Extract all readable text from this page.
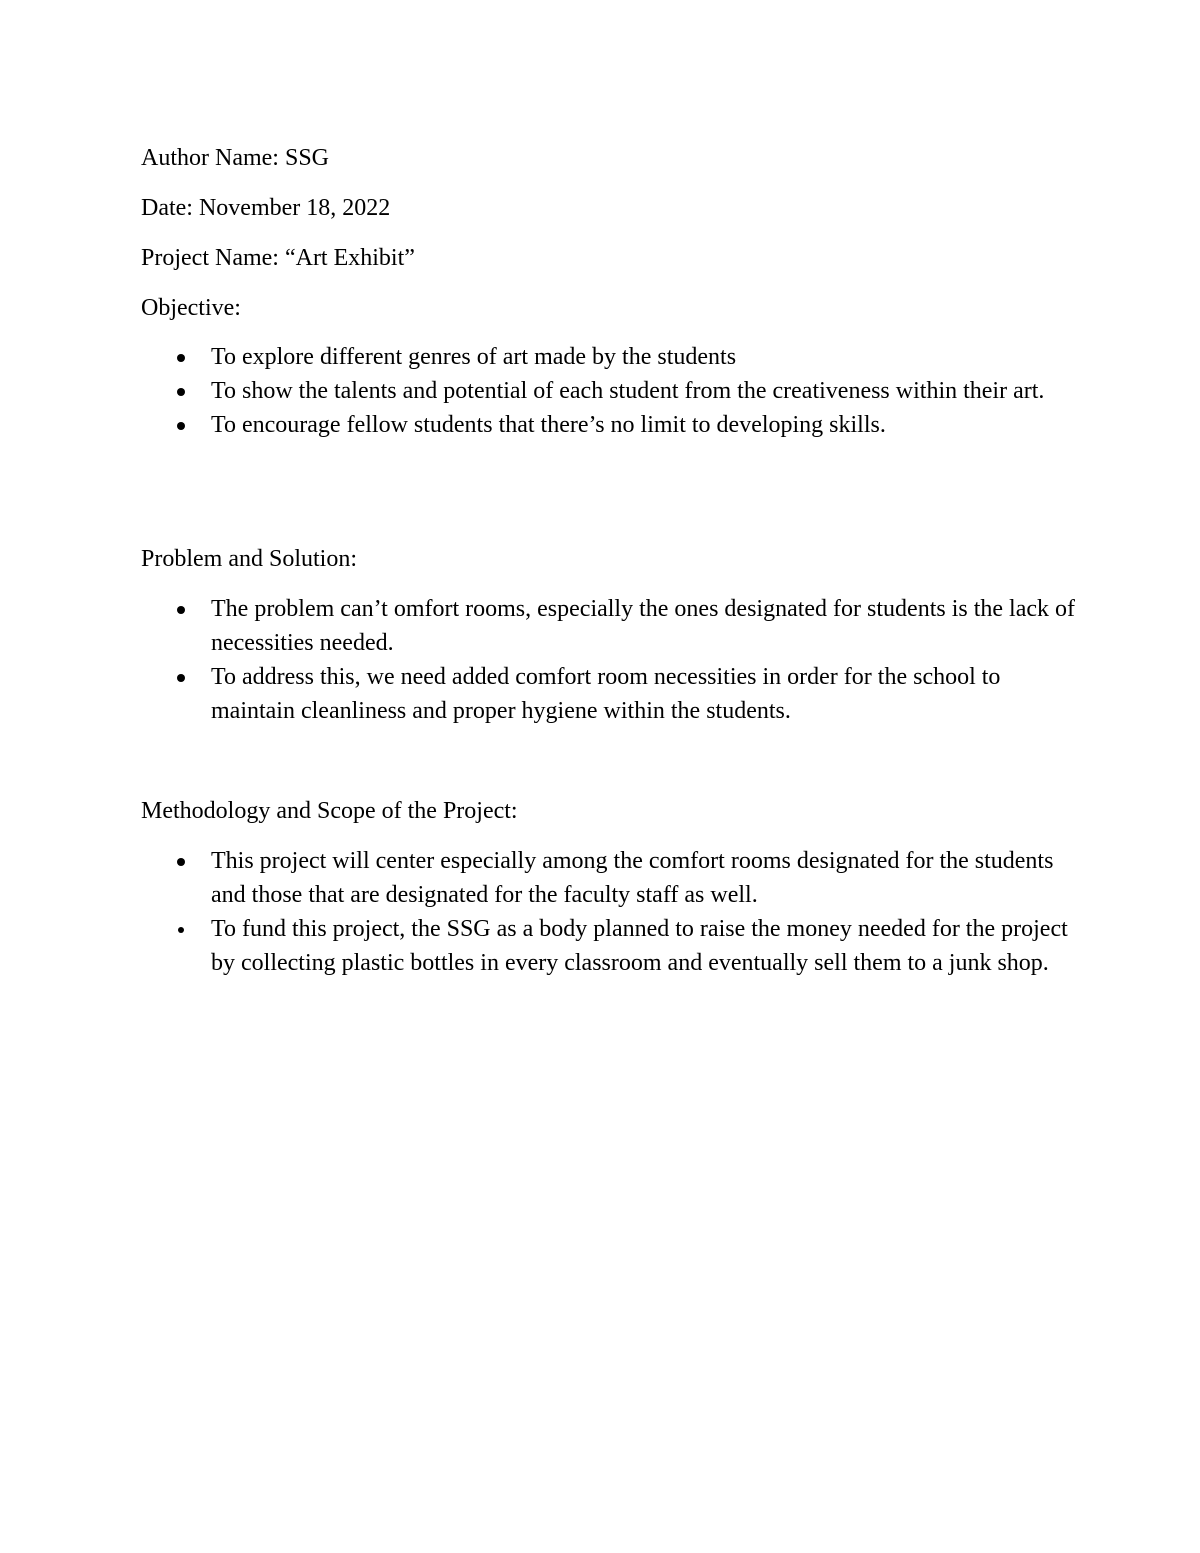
Author Name: SSG
Date: November 18, 2022
Project Name: “Art Exhibit”
Objective:
To explore different genres of art made by the students
To show the talents and potential of each student from the creativeness within their art.
To encourage fellow students that there’s no limit to developing skills.
Problem and Solution:
The problem can’t omfort rooms, especially the ones designated for students is the lack of necessities needed.
To address this, we need added comfort room necessities in order for the school to maintain cleanliness and proper hygiene within the students.
Methodology and Scope of the Project:
This project will center especially among the comfort rooms designated for the students and those that are designated for the faculty staff as well.
To fund this project, the SSG as a body planned to raise the money needed for the project by collecting plastic bottles in every classroom and eventually sell them to a junk shop.
